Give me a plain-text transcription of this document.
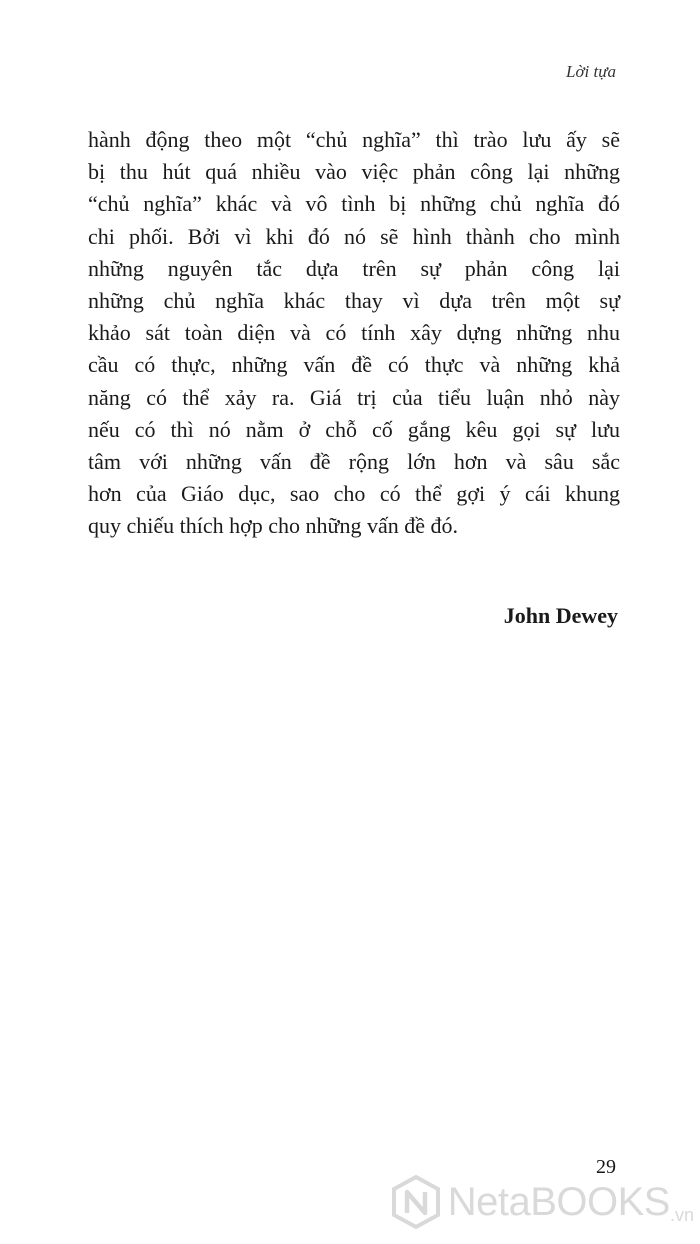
Lời tựa
hành động theo một “chủ nghĩa” thì trào lưu ấy sẽ
bị thu hút quá nhiều vào việc phản công lại những
“chủ nghĩa” khác và vô tình bị những chủ nghĩa đó
chi phối. Bởi vì khi đó nó sẽ hình thành cho mình
những nguyên tắc dựa trên sự phản công lại
những chủ nghĩa khác thay vì dựa trên một sự
khảo sát toàn diện và có tính xây dựng những nhu
cầu có thực, những vấn đề có thực và những khả
năng có thể xảy ra. Giá trị của tiểu luận nhỏ này
nếu có thì nó nằm ở chỗ cố gắng kêu gọi sự lưu
tâm với những vấn đề rộng lớn hơn và sâu sắc
hơn của Giáo dục, sao cho có thể gợi ý cái khung
quy chiếu thích hợp cho những vấn đề đó.
John Dewey
29
NetaBOOKS .vn
